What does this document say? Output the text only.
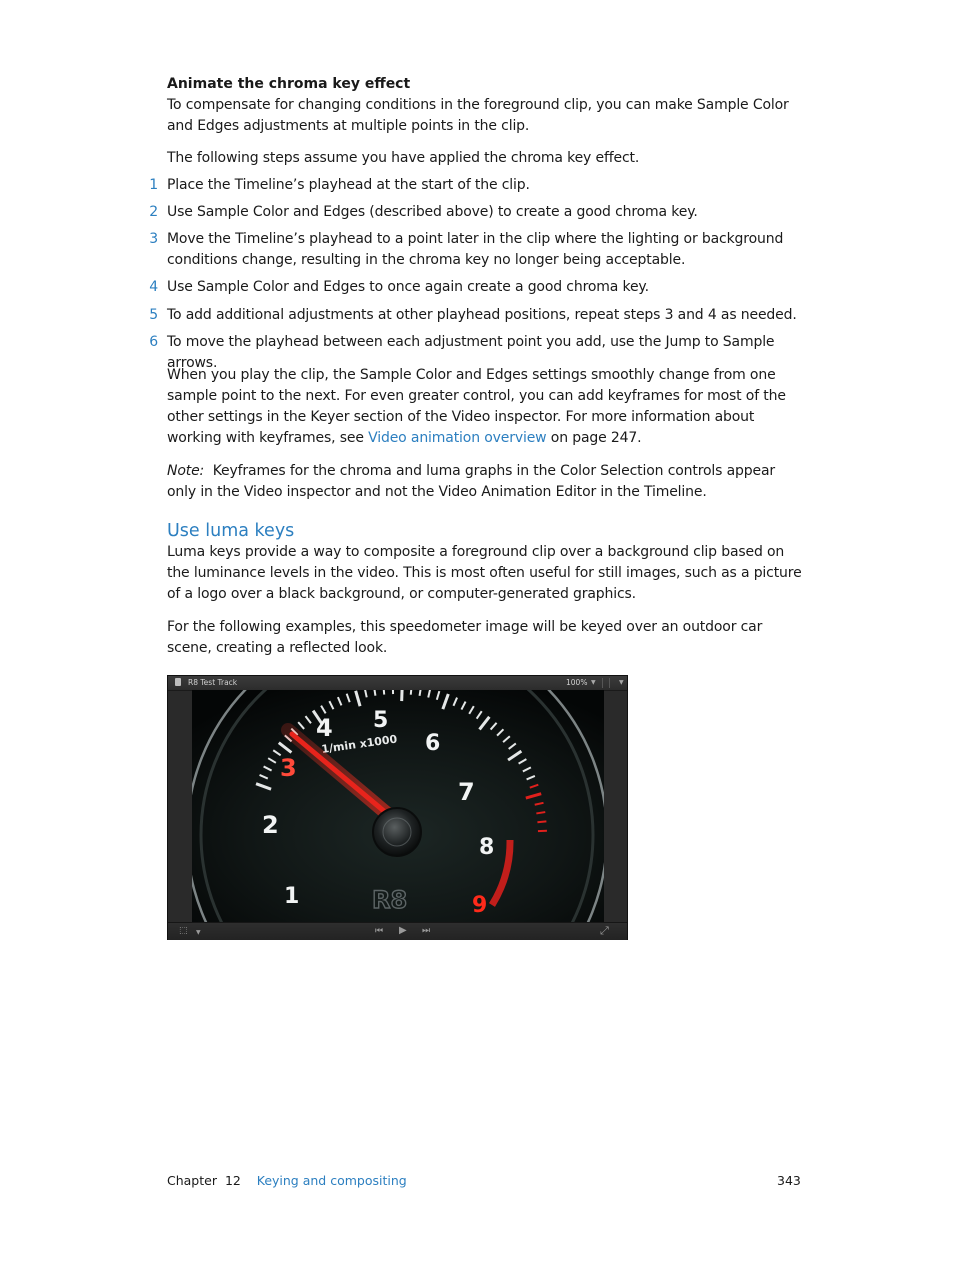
Animate the chroma key effect

To compensate for changing conditions in the foreground clip, you can make Sample Color and Edges adjustments at multiple points in the clip.

The following steps assume you have applied the chroma key effect.

1 Place the Timeline’s playhead at the start of the clip.
2 Use Sample Color and Edges (described above) to create a good chroma key.
3 Move the Timeline’s playhead to a point later in the clip where the lighting or background conditions change, resulting in the chroma key no longer being acceptable.
4 Use Sample Color and Edges to once again create a good chroma key.
5 To add additional adjustments at other playhead positions, repeat steps 3 and 4 as needed.
6 To move the playhead between each adjustment point you add, use the Jump to Sample arrows.

When you play the clip, the Sample Color and Edges settings smoothly change from one sample point to the next. For even greater control, you can add keyframes for most of the other settings in the Keyer section of the Video inspector. For more information about working with keyframes, see Video animation overview on page 247.

Note: Keyframes for the chroma and luma graphs in the Color Selection controls appear only in the Video inspector and not the Video Animation Editor in the Timeline.

Use luma keys

Luma keys provide a way to composite a foreground clip over a background clip based on the luminance levels in the video. This is most often useful for still images, such as a picture of a logo over a black background, or computer-generated graphics.

For the following examples, this speedometer image will be keyed over an outdoor car scene, creating a reflected look.

R8 Test Track	100% ▼	▼
1
2
3
4 5
6
7
8
9
1/min x1000
R8
⬚ ▼	⏮ ▶ ⏭	⤢
Chapter 12 Keying and compositing	343
